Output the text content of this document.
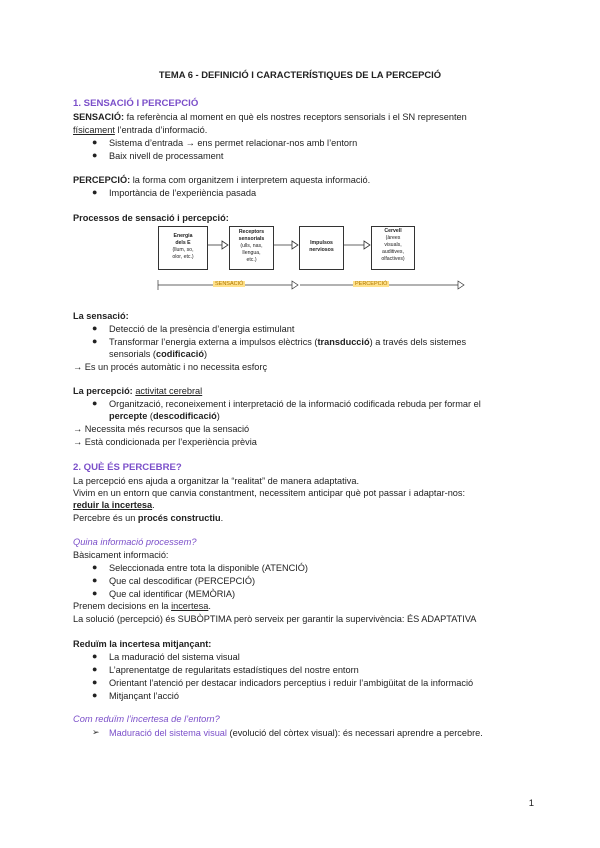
TEMA 6 - DEFINICIÓ I CARACTERÍSTIQUES DE LA PERCEPCIÓ
1. SENSACIÓ I PERCEPCIÓ
SENSACIÓ: fa referència al moment en què els nostres receptors sensorials i el SN representen
físicament l’entrada d’informació.
● Sistema d’entrada → ens permet relacionar-nos amb l’entorn
● Baix nivell de processament
PERCEPCIÓ: la forma com organitzem i interpretem aquesta informació.
● Importància de l’experiència pasada
Processos de sensació i percepció:
Energia
dels E
(llum, so,
olor, etc.)
Receptors
sensorials
(ulls, nas,
llengua,
etc.)
Impulsos
nerviosos
Cervell
(àrees
visuals,
auditives,
olfactives)
SENSACIÓ	PERCEPCIÓ
La sensació:
● Detecció de la presència d’energia estimulant
● Transformar l’energia externa a impulsos elèctrics (transducció) a través dels sistemes
sensorials (codificació)
→ Es un procés automàtic i no necessita esforç
La percepció: activitat cerebral
● Organització, reconeixement i interpretació de la informació codificada rebuda per formar el
percepte (descodificació)
→ Necessita més recursos que la sensació
→ Està condicionada per l’experiència prèvia
2. QUÈ ÉS PERCEBRE?
La percepció ens ajuda a organitzar la “realitat” de manera adaptativa.
Vivim en un entorn que canvia constantment, necessitem anticipar què pot passar i adaptar-nos:
reduir la incertesa.
Percebre és un procés constructiu.
Quina informació processem?
Bàsicament informació:
● Seleccionada entre tota la disponible (ATENCIÓ)
● Que cal descodificar (PERCEPCIÓ)
● Que cal identificar (MEMÒRIA)
Prenem decisions en la incertesa.
La solució (percepció) és SUBÒPTIMA però serveix per garantir la supervivència: ÉS ADAPTATIVA
Reduïm la incertesa mitjançant:
● La maduració del sistema visual
● L’aprenentatge de regularitats estadístiques del nostre entorn
● Orientant l’atenció per destacar indicadors perceptius i reduir l’ambigüitat de la informació
● Mitjançant l’acció
Com reduïm l’incertesa de l’entorn?
➢ Maduració del sistema visual (evolució del còrtex visual): és necessari aprendre a percebre.
1
